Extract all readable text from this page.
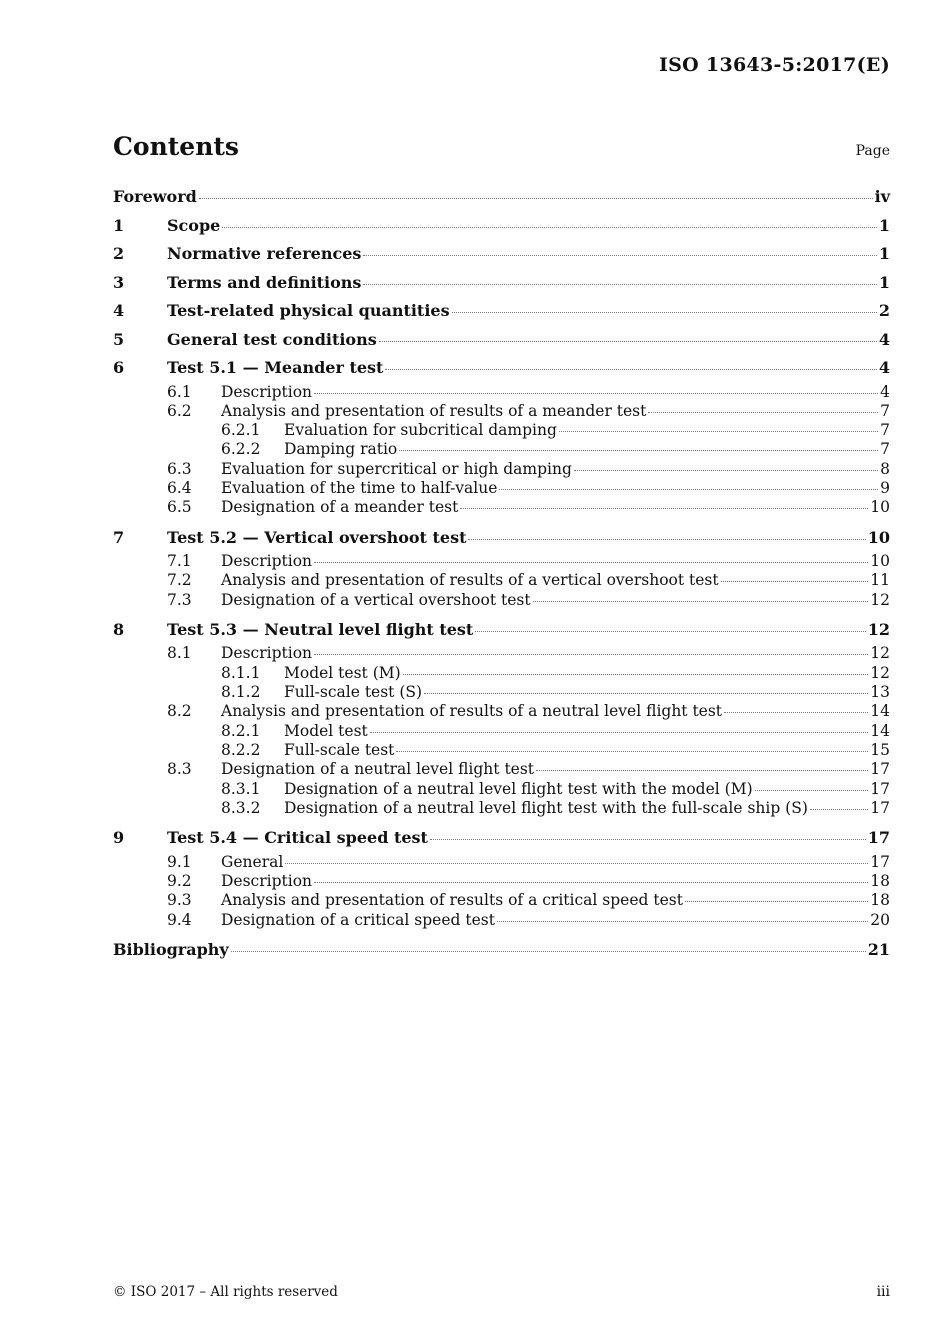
ISO 13643-5:2017(E)
Contents	Page
Foreword	iv
1	Scope	1
2	Normative references	1
3	Terms and definitions	1
4	Test-related physical quantities	2
5	General test conditions	4
6	Test 5.1 — Meander test	4
6.1	Description	4
6.2	Analysis and presentation of results of a meander test	7
6.2.1	Evaluation for subcritical damping	7
6.2.2	Damping ratio	7
6.3	Evaluation for supercritical or high damping	8
6.4	Evaluation of the time to half-value	9
6.5	Designation of a meander test	10
7	Test 5.2 — Vertical overshoot test	10
7.1	Description	10
7.2	Analysis and presentation of results of a vertical overshoot test	11
7.3	Designation of a vertical overshoot test	12
8	Test 5.3 — Neutral level flight test	12
8.1	Description	12
8.1.1	Model test (M)	12
8.1.2	Full-scale test (S)	13
8.2	Analysis and presentation of results of a neutral level flight test	14
8.2.1	Model test	14
8.2.2	Full-scale test	15
8.3	Designation of a neutral level flight test	17
8.3.1	Designation of a neutral level flight test with the model (M)	17
8.3.2	Designation of a neutral level flight test with the full-scale ship (S)	17
9	Test 5.4 — Critical speed test	17
9.1	General	17
9.2	Description	18
9.3	Analysis and presentation of results of a critical speed test	18
9.4	Designation of a critical speed test	20
Bibliography	21
© ISO 2017 – All rights reserved	iii
